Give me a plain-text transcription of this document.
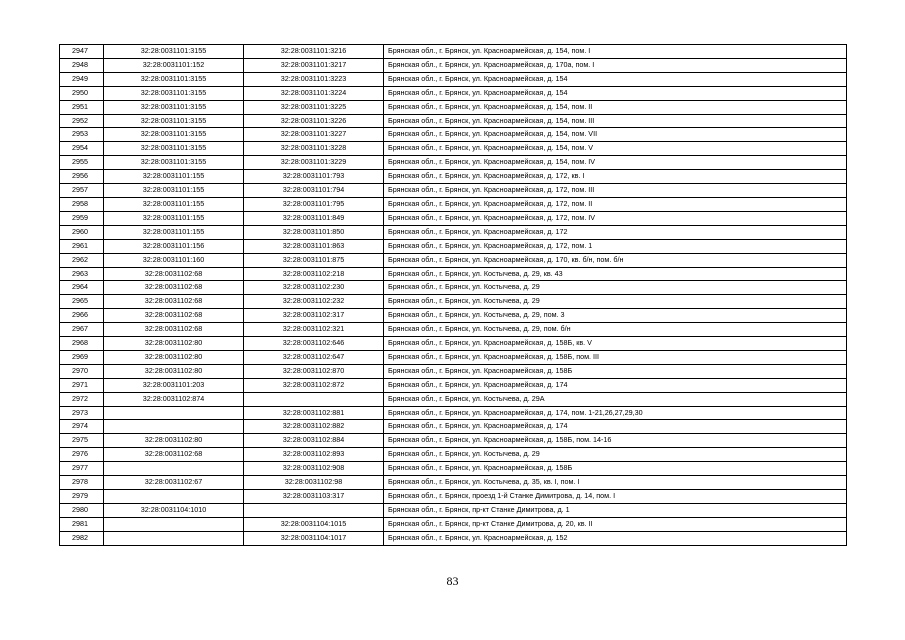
2947	32:28:0031101:3155	32:28:0031101:3216	Брянская обл., г. Брянск, ул. Красноармейская, д. 154, пом. I
2948	32:28:0031101:152	32:28:0031101:3217	Брянская обл., г. Брянск, ул. Красноармейская, д. 170а, пом. I
2949	32:28:0031101:3155	32:28:0031101:3223	Брянская обл., г. Брянск, ул. Красноармейская, д. 154
2950	32:28:0031101:3155	32:28:0031101:3224	Брянская обл., г. Брянск, ул. Красноармейская, д. 154
2951	32:28:0031101:3155	32:28:0031101:3225	Брянская обл., г. Брянск, ул. Красноармейская, д. 154, пом. II
2952	32:28:0031101:3155	32:28:0031101:3226	Брянская обл., г. Брянск, ул. Красноармейская, д. 154, пом. III
2953	32:28:0031101:3155	32:28:0031101:3227	Брянская обл., г. Брянск, ул. Красноармейская, д. 154, пом. VII
2954	32:28:0031101:3155	32:28:0031101:3228	Брянская обл., г. Брянск, ул. Красноармейская, д. 154, пом. V
2955	32:28:0031101:3155	32:28:0031101:3229	Брянская обл., г. Брянск, ул. Красноармейская, д. 154, пом. IV
2956	32:28:0031101:155	32:28:0031101:793	Брянская обл., г. Брянск, ул. Красноармейская, д. 172, кв. I
2957	32:28:0031101:155	32:28:0031101:794	Брянская обл., г. Брянск, ул. Красноармейская, д. 172, пом. III
2958	32:28:0031101:155	32:28:0031101:795	Брянская обл., г. Брянск, ул. Красноармейская, д. 172, пом. II
2959	32:28:0031101:155	32:28:0031101:849	Брянская обл., г. Брянск, ул. Красноармейская, д. 172, пом. IV
2960	32:28:0031101:155	32:28:0031101:850	Брянская обл., г. Брянск, ул. Красноармейская, д. 172
2961	32:28:0031101:156	32:28:0031101:863	Брянская обл., г. Брянск, ул. Красноармейская, д. 172, пом. 1
2962	32:28:0031101:160	32:28:0031101:875	Брянская обл., г. Брянск, ул. Красноармейская, д. 170, кв. б/н, пом. б/н
2963	32:28:0031102:68	32:28:0031102:218	Брянская обл., г. Брянск, ул. Костычева, д. 29, кв. 43
2964	32:28:0031102:68	32:28:0031102:230	Брянская обл., г. Брянск, ул. Костычева, д. 29
2965	32:28:0031102:68	32:28:0031102:232	Брянская обл., г. Брянск, ул. Костычева, д. 29
2966	32:28:0031102:68	32:28:0031102:317	Брянская обл., г. Брянск, ул. Костычева, д. 29, пом. 3
2967	32:28:0031102:68	32:28:0031102:321	Брянская обл., г. Брянск, ул. Костычева, д. 29, пом. б/н
2968	32:28:0031102:80	32:28:0031102:646	Брянская обл., г. Брянск, ул. Красноармейская, д. 158Б, кв. V
2969	32:28:0031102:80	32:28:0031102:647	Брянская обл., г. Брянск, ул. Красноармейская, д. 158Б, пом. III
2970	32:28:0031102:80	32:28:0031102:870	Брянская обл., г. Брянск, ул. Красноармейская, д. 158Б
2971	32:28:0031101:203	32:28:0031102:872	Брянская обл., г. Брянск, ул. Красноармейская, д. 174
2972	32:28:0031102:874		Брянская обл., г. Брянск, ул. Костычева, д. 29А
2973		32:28:0031102:881	Брянская обл., г. Брянск, ул. Красноармейская, д. 174, пом. 1-21,26,27,29,30
2974		32:28:0031102:882	Брянская обл., г. Брянск, ул. Красноармейская, д. 174
2975	32:28:0031102:80	32:28:0031102:884	Брянская обл., г. Брянск, ул. Красноармейская, д. 158Б, пом. 14-16
2976	32:28:0031102:68	32:28:0031102:893	Брянская обл., г. Брянск, ул. Костычева, д. 29
2977		32:28:0031102:908	Брянская обл., г. Брянск, ул. Красноармейская, д. 158Б
2978	32:28:0031102:67	32:28:0031102:98	Брянская обл., г. Брянск, ул. Костычева, д. 35, кв. I, пом. I
2979		32:28:0031103:317	Брянская обл., г. Брянск, проезд 1-й Станке Димитрова, д. 14, пом. I
2980	32:28:0031104:1010		Брянская обл., г. Брянск, пр-кт Станке Димитрова, д. 1
2981		32:28:0031104:1015	Брянская обл., г. Брянск, пр-кт Станке Димитрова, д. 20, кв. II
2982		32:28:0031104:1017	Брянская обл., г. Брянск, ул. Красноармейская, д. 152
83
